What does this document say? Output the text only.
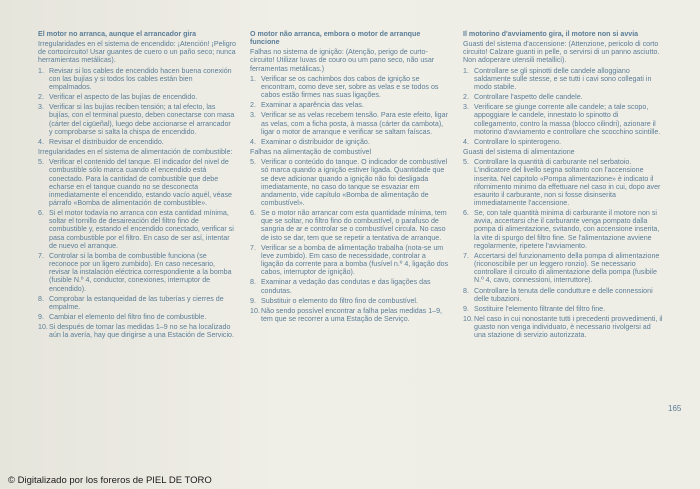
El motor no arranca, aunque el arrancador gira
Irregularidades en el sistema de encendido: ¡Atención! ¡Peligro de cortocircuito! Usar guantes de cuero o un paño seco; nunca herramientas metálicas).
1. Revisar si los cables de encendido hacen buena conexión con las bujías y si todos los cables están bien empalmados.
2. Verificar el aspecto de las bujías de encendido.
3. Verificar si las bujías reciben tensión; a tal efecto, las bujías, con el terminal puesto, deben conectarse con masa (cárter del cigüeñal), luego debe accionarse el arrancador y comprobarse si salta la chispa de encendido.
4. Revisar el distribuidor de encendido.
Irregularidades en el sistema de alimentación de combustible:
5. Verificar el contenido del tanque. El indicador del nivel de combustible sólo marca cuando el encendido está conectado. Para la cantidad de combustible que debe echarse en el tanque cuando no se desconecta inmediatamente el encendido, estando vacío aquél, véase párrafo «Bomba de alimentación de combustible».
6. Si el motor todavía no arranca con esta cantidad mínima, soltar el tornillo de desaireación del filtro fino de combustible y, estando el encendido conectado, verificar si pasa combustible por el filtro. En caso de ser así, intentar de nuevo el arranque.
7. Controlar si la bomba de combustible funciona (se reconoce por un ligero zumbido). En caso necesario, revisar la instalación eléctrica correspondiente a la bomba (fusible N.º 4, conductor, conexiones, interruptor de encendido).
8. Comprobar la estanqueidad de las tuberías y cierres de empalme.
9. Cambiar el elemento del filtro fino de combustible.
10. Si después de tomar las medidas 1–9 no se ha localizado aún la avería, hay que dirigirse a una Estación de Servicio.
O motor não arranca, embora o motor de arranque funcione
Falhas no sistema de ignição: (Atenção, perigo de curto-circuito! Utilizar luvas de couro ou um pano seco, não usar ferramentas metálicas.)
1. Verificar se os cachimbos dos cabos de ignição se encontram, como deve ser, sobre as velas e se todos os cabos estão firmes nas suas ligações.
2. Examinar a aparência das velas.
3. Verificar se as velas recebem tensão. Para este efeito, ligar as velas, com a ficha posta, à massa (cárter da cambota), ligar o motor de arranque e verificar se saltam faíscas.
4. Examinar o distribuidor de ignição.
Falhas na alimentação de combustível
5. Verificar o conteúdo do tanque. O indicador de combustível só marca quando a ignição estiver ligada. Quantidade que se deve adicionar quando a ignição não foi desligada imediatamente, no caso do tanque se esvaziar em andamento, vide capítulo «Bomba de alimentação de combustível».
6. Se o motor não arrancar com esta quantidade mínima, tem que se soltar, no filtro fino do combustível, o parafuso de sangria de ar e controlar se o combustível circula. No caso de isto se dar, tem que se repetir a tentativa de arranque.
7. Verificar se a bomba de alimentação trabalha (nota-se um leve zumbido). Em caso de necessidade, controlar a ligação da corrente para a bomba (fusível n.º 4, ligação dos cabos, interruptor de ignição).
8. Examinar a vedação das condutas e das ligações das condutas.
9. Substituir o elemento do filtro fino de combustível.
10. Não sendo possível encontrar a falha pelas medidas 1–9, tem que se recorrer a uma Estação de Serviço.
Il motorino d'avviamento gira, il motore non si avvia
Guasti del sistema d'accensione: (Attenzione, pericolo di corto circuito! Calzare guanti in pelle, o servirsi di un panno asciutto. Non adoperare utensili metallici).
1. Controllare se gli spinotti delle candele alloggiano saldamente sulle stesse, e se tutti i cavi sono collegati in modo stabile.
2. Controllare l'aspetto delle candele.
3. Verificare se giunge corrente alle candele; a tale scopo, appoggiare le candele, innestato lo spinotto di collegamento, contro la massa (blocco cilindri), azionare il motorino d'avviamento e controllare che scocchino scintille.
4. Controllare lo spinterogeno.
Guasti del sistema di alimentazione
5. Controllare la quantità di carburante nel serbatoio. L'indicatore del livello segna soltanto con l'accensione inserita. Nel capitolo «Pompa alimentazione» è indicato il rifornimento minimo da effettuare nel caso in cui, dopo aver esaurito il carburante, non si fosse disinserita immediatamente l'accensione.
6. Se, con tale quantità minima di carburante il motore non si avvia, accertarsi che il carburante venga pompato dalla pompa di alimentazione, svitando, con accensione inserita, la vite di spurgo del filtro fine. Se l'alimentazione avviene regolarmente, ripetere l'avviamento.
7. Accertarsi del funzionamento della pompa di alimentazione (riconoscibile per un leggero ronzio). Se necessario controllare il circuito di alimentazione della pompa (fusibile N.º 4, cavo, connessioni, interruttore).
8. Controllare la tenuta delle condutture e delle connessioni delle tubazioni.
9. Sostituire l'elemento filtrante del filtro fine.
10. Nel caso in cui nonostante tutti i precedenti provvedimenti, il guasto non venga individuato, è necessario rivolgersi ad una stazione di servizio autorizzata.
165
© Digitalizado por los foreros de PIEL DE TORO
